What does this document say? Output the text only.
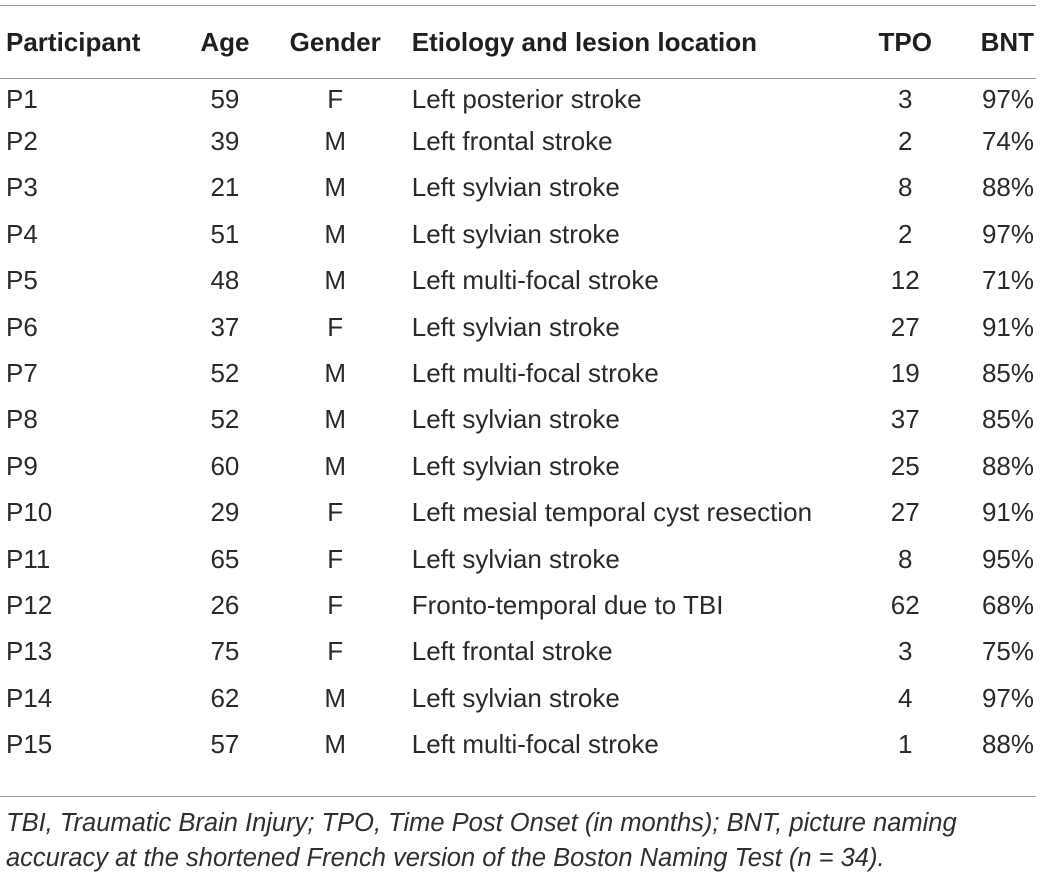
Participant	Age	Gender	Etiology and lesion location	TPO	BNT
P1	59	F	Left posterior stroke	3	97%
P2	39	M	Left frontal stroke	2	74%
P3	21	M	Left sylvian stroke	8	88%
P4	51	M	Left sylvian stroke	2	97%
P5	48	M	Left multi-focal stroke	12	71%
P6	37	F	Left sylvian stroke	27	91%
P7	52	M	Left multi-focal stroke	19	85%
P8	52	M	Left sylvian stroke	37	85%
P9	60	M	Left sylvian stroke	25	88%
P10	29	F	Left mesial temporal cyst resection	27	91%
P11	65	F	Left sylvian stroke	8	95%
P12	26	F	Fronto-temporal due to TBI	62	68%
P13	75	F	Left frontal stroke	3	75%
P14	62	M	Left sylvian stroke	4	97%
P15	57	M	Left multi-focal stroke	1	88%
TBI, Traumatic Brain Injury; TPO, Time Post Onset (in months); BNT, picture naming
accuracy at the shortened French version of the Boston Naming Test (n = 34).
